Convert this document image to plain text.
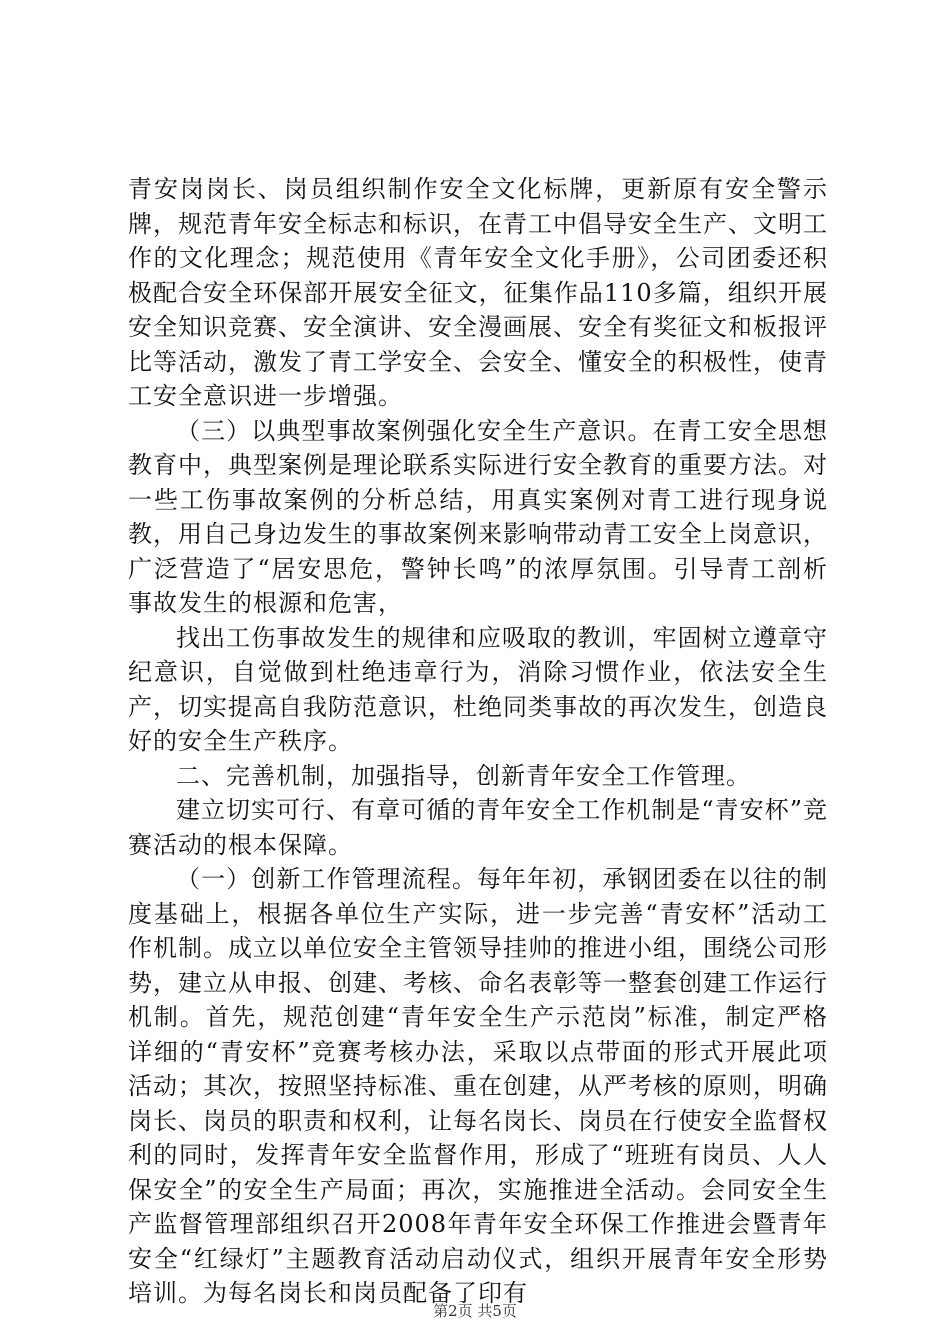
青安岗岗长、岗员组织制作安全文化标牌，更新原有安全警示牌，规范青年安全标志和标识，在青工中倡导安全生产、文明工作的文化理念；规范使用《青年安全文化手册》，公司团委还积极配合安全环保部开展安全征文，征集作品110多篇，组织开展安全知识竞赛、安全演讲、安全漫画展、安全有奖征文和板报评比等活动，激发了青工学安全、会安全、懂安全的积极性，使青工安全意识进一步增强。

（三）以典型事故案例强化安全生产意识。在青工安全思想教育中，典型案例是理论联系实际进行安全教育的重要方法。对一些工伤事故案例的分析总结，用真实案例对青工进行现身说教，用自己身边发生的事故案例来影响带动青工安全上岗意识，广泛营造了“居安思危，警钟长鸣”的浓厚氛围。引导青工剖析事故发生的根源和危害，

找出工伤事故发生的规律和应吸取的教训，牢固树立遵章守纪意识，自觉做到杜绝违章行为，消除习惯作业，依法安全生产，切实提高自我防范意识，杜绝同类事故的再次发生，创造良好的安全生产秩序。

二、完善机制，加强指导，创新青年安全工作管理。

建立切实可行、有章可循的青年安全工作机制是“青安杯”竞赛活动的根本保障。

（一）创新工作管理流程。每年年初，承钢团委在以往的制度基础上，根据各单位生产实际，进一步完善“青安杯”活动工作机制。成立以单位安全主管领导挂帅的推进小组，围绕公司形势，建立从申报、创建、考核、命名表彰等一整套创建工作运行机制。首先，规范创建“青年安全生产示范岗”标准，制定严格详细的“青安杯”竞赛考核办法，采取以点带面的形式开展此项活动；其次，按照坚持标准、重在创建，从严考核的原则，明确岗长、岗员的职责和权利，让每名岗长、岗员在行使安全监督权利的同时，发挥青年安全监督作用，形成了“班班有岗员、人人保安全”的安全生产局面；再次，实施推进全活动。会同安全生产监督管理部组织召开2008年青年安全环保工作推进会暨青年安全“红绿灯”主题教育活动启动仪式，组织开展青年安全形势培训。为每名岗长和岗员配备了印有

第2页 共5页
